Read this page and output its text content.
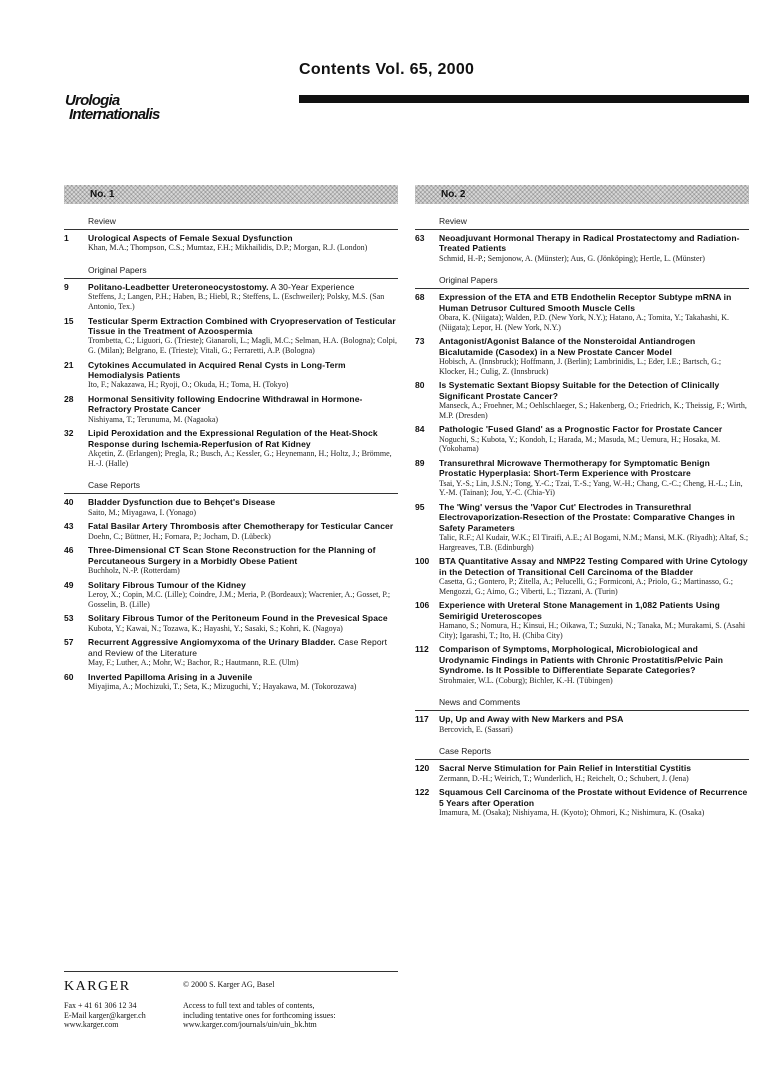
Contents Vol. 65, 2000
Urologia
Internationalis
No. 1
Review
1	Urological Aspects of Female Sexual Dysfunction
Khan, M.A.; Thompson, C.S.; Mumtaz, F.H.; Mikhailidis, D.P.; Morgan, R.J. (London)
Original Papers
9	Politano-Leadbetter Ureteroneocystostomy. A 30-Year Experience
Steffens, J.; Langen, P.H.; Haben, B.; Hiebl, R.; Steffens, L. (Eschweiler); Polsky, M.S. (San Antonio, Tex.)
15	Testicular Sperm Extraction Combined with Cryopreservation of Testicular Tissue in the Treatment of Azoospermia
Trombetta, C.; Liguori, G. (Trieste); Gianaroli, L.; Magli, M.C.; Selman, H.A. (Bologna); Colpi, G. (Milan); Belgrano, E. (Trieste); Vitali, G.; Ferraretti, A.P. (Bologna)
21	Cytokines Accumulated in Acquired Renal Cysts in Long-Term Hemodialysis Patients
Ito, F.; Nakazawa, H.; Ryoji, O.; Okuda, H.; Toma, H. (Tokyo)
28	Hormonal Sensitivity following Endocrine Withdrawal in Hormone-Refractory Prostate Cancer
Nishiyama, T.; Terunuma, M. (Nagaoka)
32	Lipid Peroxidation and the Expressional Regulation of the Heat-Shock Response during Ischemia-Reperfusion of Rat Kidney
Akçetin, Z. (Erlangen); Pregla, R.; Busch, A.; Kessler, G.; Heynemann, H.; Holtz, J.; Brömme, H.-J. (Halle)
Case Reports
40	Bladder Dysfunction due to Behçet's Disease
Saito, M.; Miyagawa, I. (Yonago)
43	Fatal Basilar Artery Thrombosis after Chemotherapy for Testicular Cancer
Doehn, C.; Büttner, H.; Fornara, P.; Jocham, D. (Lübeck)
46	Three-Dimensional CT Scan Stone Reconstruction for the Planning of Percutaneous Surgery in a Morbidly Obese Patient
Buchholz, N.-P. (Rotterdam)
49	Solitary Fibrous Tumour of the Kidney
Leroy, X.; Copin, M.C. (Lille); Coindre, J.M.; Meria, P. (Bordeaux); Wacrenier, A.; Gosset, P.; Gosselin, B. (Lille)
53	Solitary Fibrous Tumor of the Peritoneum Found in the Prevesical Space
Kubota, Y.; Kawai, N.; Tozawa, K.; Hayashi, Y.; Sasaki, S.; Kohri, K. (Nagoya)
57	Recurrent Aggressive Angiomyxoma of the Urinary Bladder. Case Report and Review of the Literature
May, F.; Luther, A.; Mohr, W.; Bachor, R.; Hautmann, R.E. (Ulm)
60	Inverted Papilloma Arising in a Juvenile
Miyajima, A.; Mochizuki, T.; Seta, K.; Mizuguchi, Y.; Hayakawa, M. (Tokorozawa)
No. 2
Review
63	Neoadjuvant Hormonal Therapy in Radical Prostatectomy and Radiation-Treated Patients
Schmid, H.-P.; Semjonow, A. (Münster); Aus, G. (Jönköping); Hertle, L. (Münster)
Original Papers
68	Expression of the ETA and ETB Endothelin Receptor Subtype mRNA in Human Detrusor Cultured Smooth Muscle Cells
Obara, K. (Niigata); Walden, P.D. (New York, N.Y.); Hatano, A.; Tomita, Y.; Takahashi, K. (Niigata); Lepor, H. (New York, N.Y.)
73	Antagonist/Agonist Balance of the Nonsteroidal Antiandrogen Bicalutamide (Casodex) in a New Prostate Cancer Model
Hobisch, A. (Innsbruck); Hoffmann, J. (Berlin); Lambrinidis, L.; Eder, I.E.; Bartsch, G.; Klocker, H.; Culig, Z. (Innsbruck)
80	Is Systematic Sextant Biopsy Suitable for the Detection of Clinically Significant Prostate Cancer?
Manseck, A.; Froehner, M.; Oehlschlaeger, S.; Hakenberg, O.; Friedrich, K.; Theissig, F.; Wirth, M.P. (Dresden)
84	Pathologic 'Fused Gland' as a Prognostic Factor for Prostate Cancer
Noguchi, S.; Kubota, Y.; Kondoh, I.; Harada, M.; Masuda, M.; Uemura, H.; Hosaka, M. (Yokohama)
89	Transurethral Microwave Thermotherapy for Symptomatic Benign Prostatic Hyperplasia: Short-Term Experience with Prostcare
Tsai, Y.-S.; Lin, J.S.N.; Tong, Y.-C.; Tzai, T.-S.; Yang, W.-H.; Chang, C.-C.; Cheng, H.-L.; Lin, Y.-M. (Tainan); Jou, Y.-C. (Chia-Yi)
95	The 'Wing' versus the 'Vapor Cut' Electrodes in Transurethral Electrovaporization-Resection of the Prostate: Comparative Changes in Safety Parameters
Talic, R.F.; Al Kudair, W.K.; El Tiraifi, A.E.; Al Bogami, N.M.; Mansi, M.K. (Riyadh); Altaf, S.; Hargreaves, T.B. (Edinburgh)
100	BTA Quantitative Assay and NMP22 Testing Compared with Urine Cytology in the Detection of Transitional Cell Carcinoma of the Bladder
Casetta, G.; Gontero, P.; Zitella, A.; Pelucelli, G.; Formiconi, A.; Priolo, G.; Martinasso, G.; Mengozzi, G.; Aimo, G.; Viberti, L.; Tizzani, A. (Turin)
106	Experience with Ureteral Stone Management in 1,082 Patients Using Semirigid Ureteroscopes
Hamano, S.; Nomura, H.; Kinsui, H.; Oikawa, T.; Suzuki, N.; Tanaka, M.; Murakami, S. (Asahi City); Igarashi, T.; Ito, H. (Chiba City)
112	Comparison of Symptoms, Morphological, Microbiological and Urodynamic Findings in Patients with Chronic Prostatitis/Pelvic Pain Syndrome. Is It Possible to Differentiate Separate Categories?
Strohmaier, W.L. (Coburg); Bichler, K.-H. (Tübingen)
News and Comments
117	Up, Up and Away with New Markers and PSA
Bercovich, E. (Sassari)
Case Reports
120	Sacral Nerve Stimulation for Pain Relief in Interstitial Cystitis
Zermann, D.-H.; Weirich, T.; Wunderlich, H.; Reichelt, O.; Schubert, J. (Jena)
122	Squamous Cell Carcinoma of the Prostate without Evidence of Recurrence 5 Years after Operation
Imamura, M. (Osaka); Nishiyama, H. (Kyoto); Ohmori, K.; Nishimura, K. (Osaka)
KARGER
Fax + 41 61 306 12 34
E-Mail karger@karger.ch
www.karger.com
© 2000 S. Karger AG, Basel
Access to full text and tables of contents,
including tentative ones for forthcoming issues:
www.karger.com/journals/uin/uin_bk.htm
